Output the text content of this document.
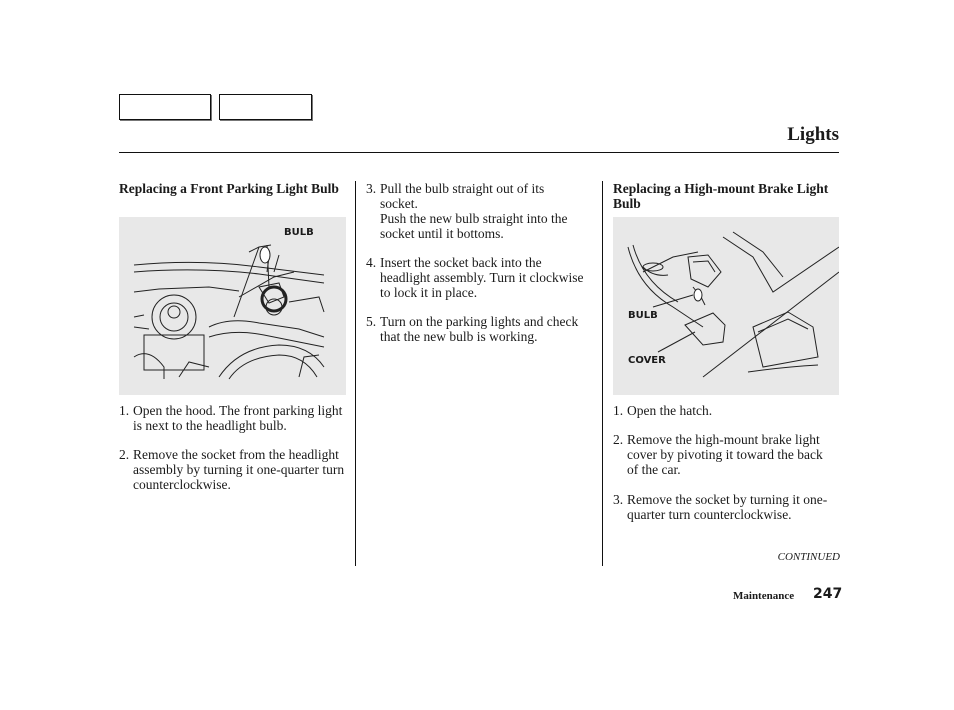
Lights
Replacing a Front Parking Light Bulb
BULB
1. Open the hood. The front parking light is next to the headlight bulb.
2. Remove the socket from the headlight assembly by turning it one-quarter turn counterclockwise.
3. Pull the bulb straight out of its socket.
Push the new bulb straight into the socket until it bottoms.
4. Insert the socket back into the headlight assembly. Turn it clockwise to lock it in place.
5. Turn on the parking lights and check that the new bulb is working.
Replacing a High-mount Brake Light Bulb
BULB
COVER
1. Open the hatch.
2. Remove the high-mount brake light cover by pivoting it toward the back of the car.
3. Remove the socket by turning it one-quarter turn counterclockwise.
CONTINUED
Maintenance 247
